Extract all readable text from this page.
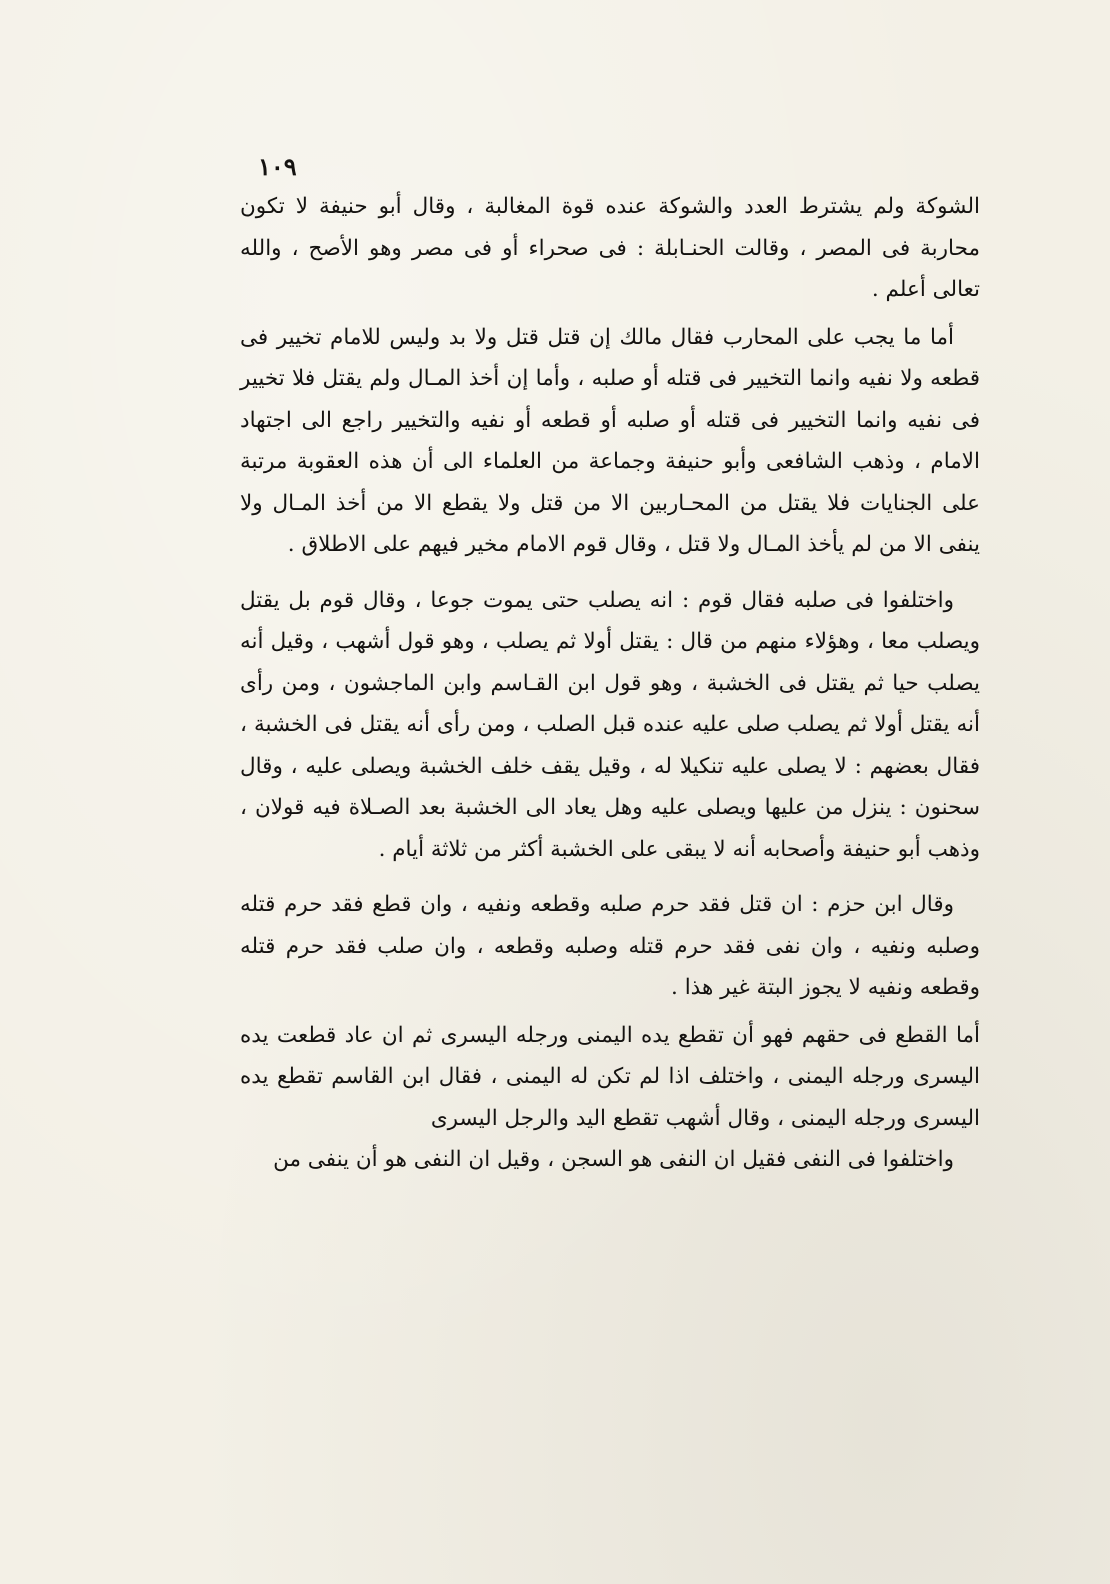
١٠٩

الشوكة ولم يشترط العدد والشوكة عنده قوة المغالبة ، وقال أبو حنيفة لا تكون محاربة فى المصر ، وقالت الحنـابلة : فى صحراء أو فى مصر وهو الأصح ، والله تعالى أعلم .

أما ما يجب على المحارب فقال مالك إن قتل قتل ولا بد وليس للامام تخيير فى قطعه ولا نفيه وانما التخيير فى قتله أو صلبه ، وأما إن أخذ المـال ولم يقتل فلا تخيير فى نفيه وانما التخيير فى قتله أو صلبه أو قطعه أو نفيه والتخيير راجع الى اجتهاد الامام ، وذهب الشافعى وأبو حنيفة وجماعة من العلماء الى أن هذه العقوبة مرتبة على الجنايات فلا يقتل من المحـاربين الا من قتل ولا يقطع الا من أخذ المـال ولا ينفى الا من لم يأخذ المـال ولا قتل ، وقال قوم الامام مخير فيهم على الاطلاق .

واختلفوا فى صلبه فقال قوم : انه يصلب حتى يموت جوعا ، وقال قوم بل يقتل ويصلب معا ، وهؤلاء منهم من قال : يقتل أولا ثم يصلب ، وهو قول أشهب ، وقيل أنه يصلب حيا ثم يقتل فى الخشبة ، وهو قول ابن القـاسم وابن الماجشون ، ومن رأى أنه يقتل أولا ثم يصلب صلى عليه عنده قبل الصلب ، ومن رأى أنه يقتل فى الخشبة ، فقال بعضهم : لا يصلى عليه تنكيلا له ، وقيل يقف خلف الخشبة ويصلى عليه ، وقال سحنون : ينزل من عليها ويصلى عليه وهل يعاد الى الخشبة بعد الصـلاة فيه قولان ، وذهب أبو حنيفة وأصحابه أنه لا يبقى على الخشبة أكثر من ثلاثة أيام .

وقال ابن حزم : ان قتل فقد حرم صلبه وقطعه ونفيه ، وان قطع فقد حرم قتله وصلبه ونفيه ، وان نفى فقد حرم قتله وصلبه وقطعه ، وان صلب فقد حرم قتله وقطعه ونفيه لا يجوز البتة غير هذا .

أما القطع فى حقهم فهو أن تقطع يده اليمنى ورجله اليسرى ثم ان عاد قطعت يده اليسرى ورجله اليمنى ، واختلف اذا لم تكن له اليمنى ، فقال ابن القاسم تقطع يده اليسرى ورجله اليمنى ، وقال أشهب تقطع اليد والرجل اليسرى

واختلفوا فى النفى فقيل ان النفى هو السجن ، وقيل ان النفى هو أن ينفى من
